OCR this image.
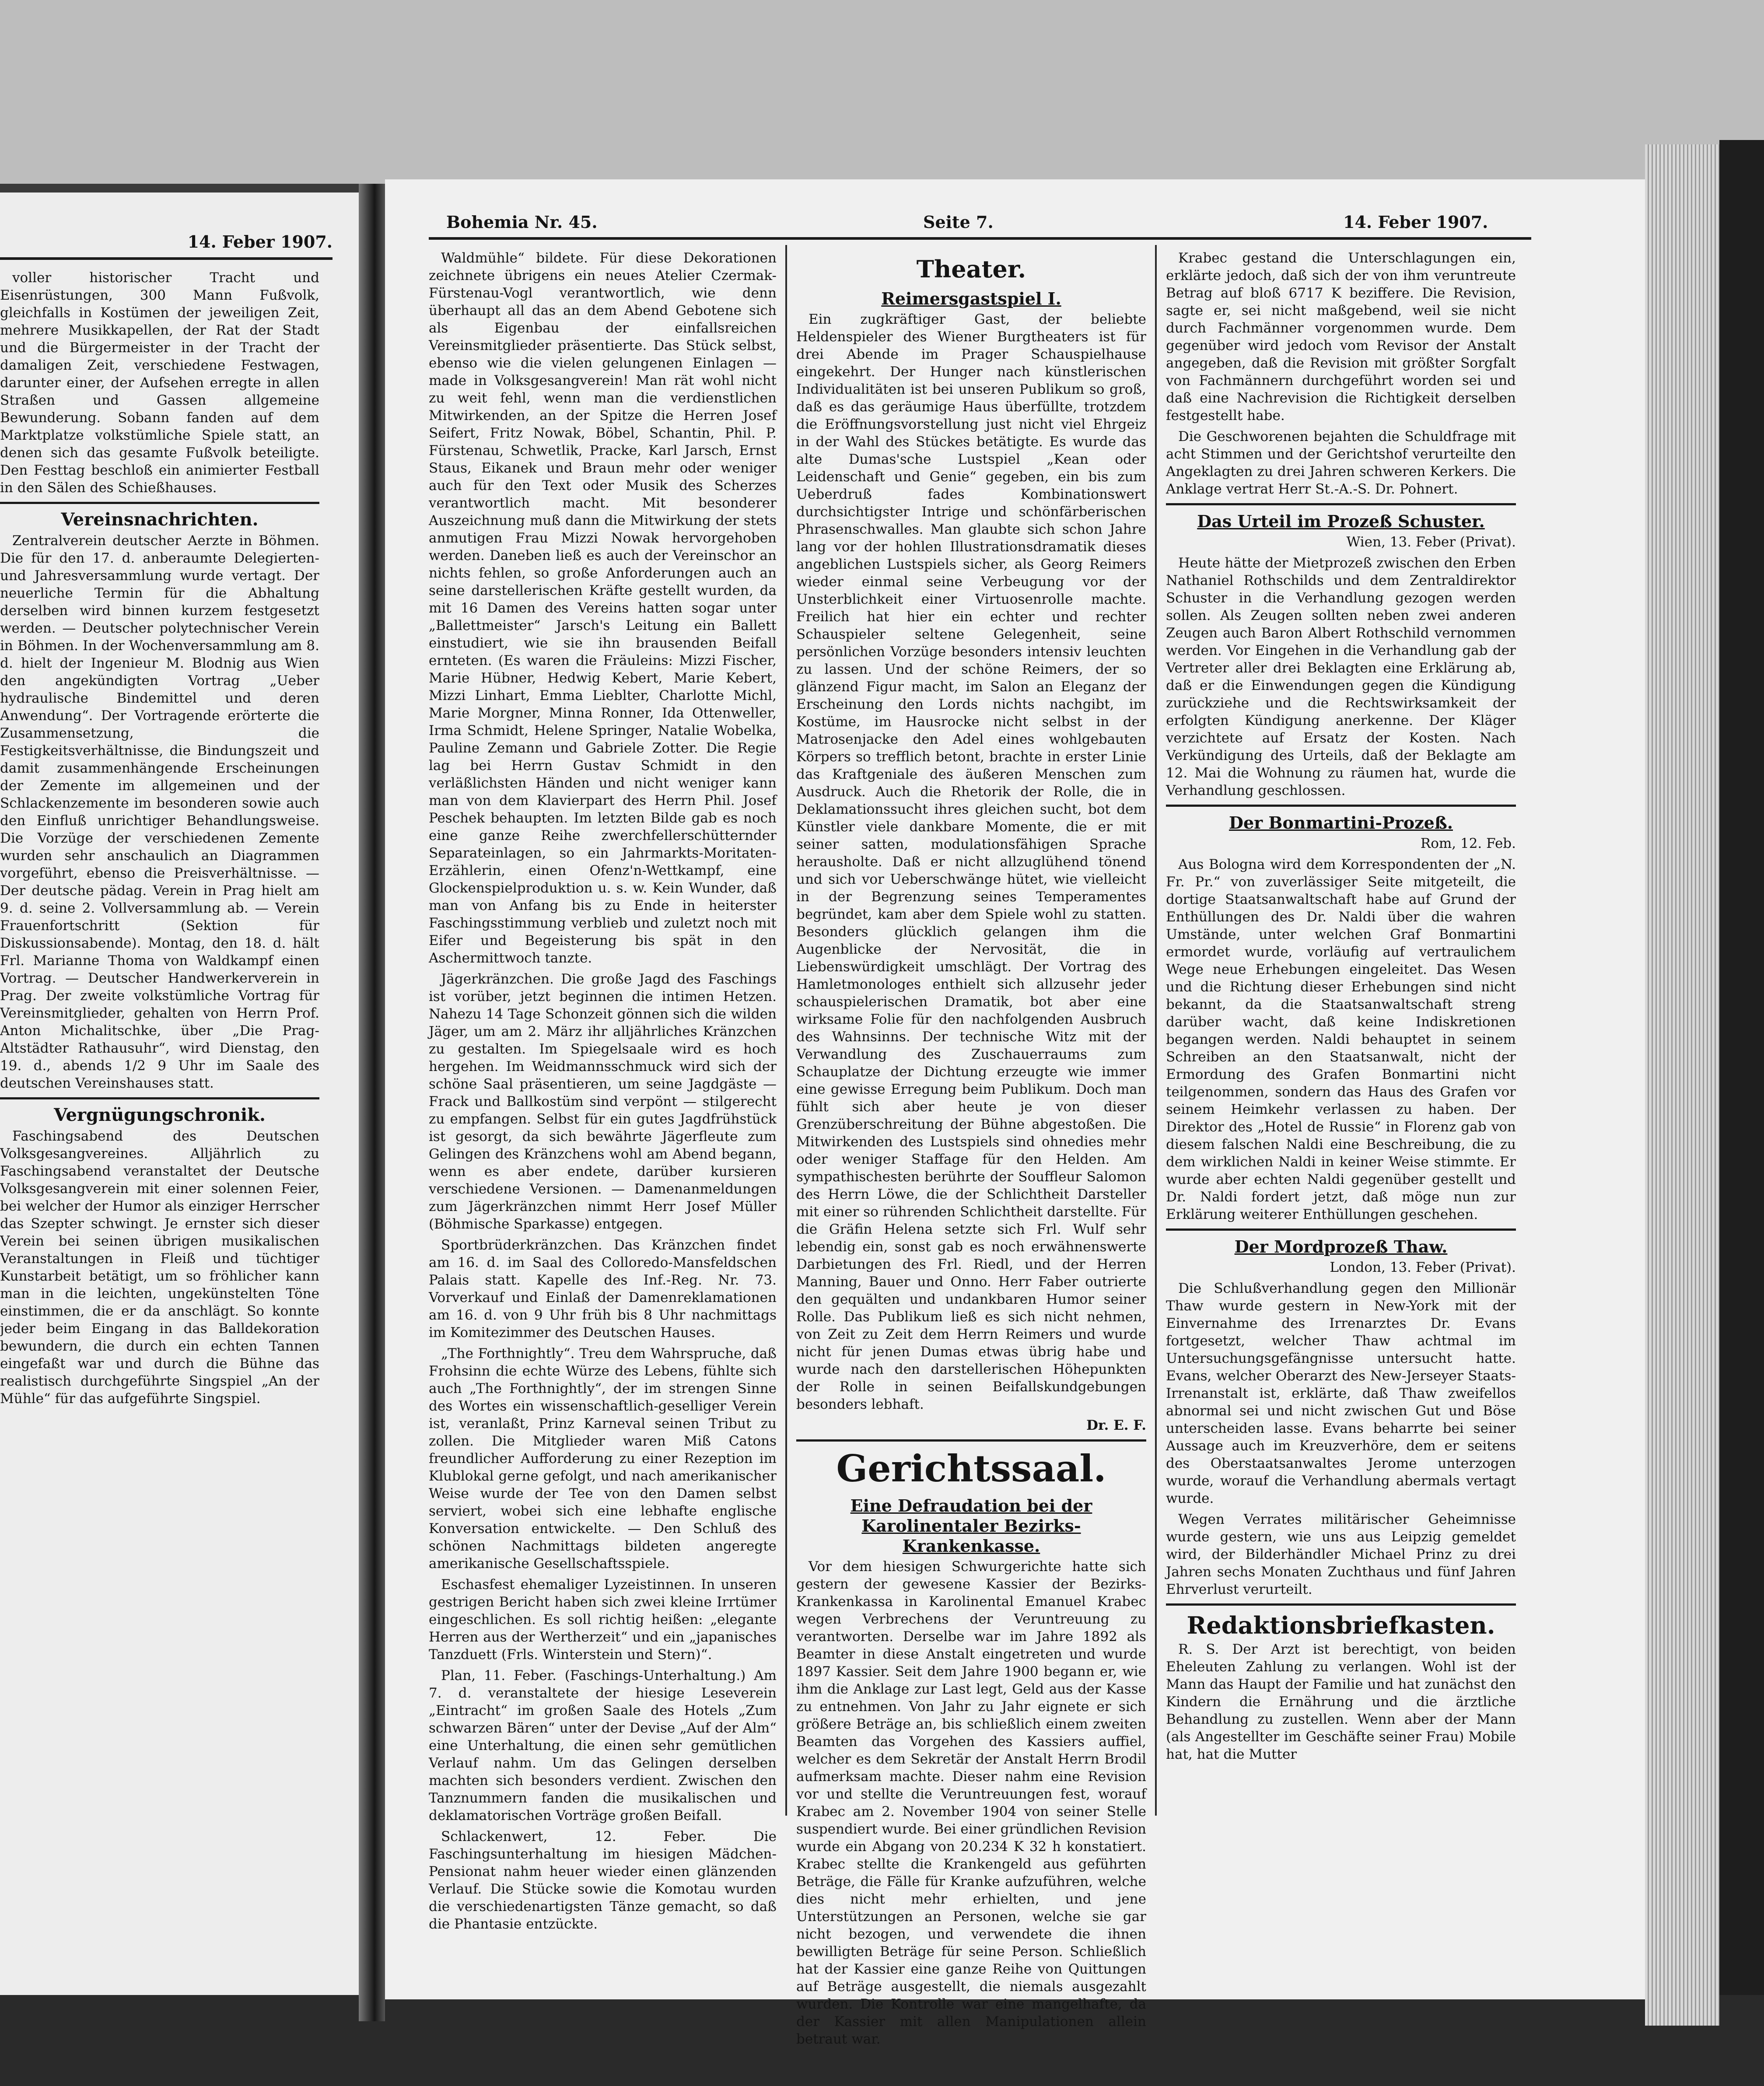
14. Feber 1907.

voller historischer Tracht und Eisenrüstungen, 300 Mann Fußvolk, gleichfalls in Kostümen der jeweiligen Zeit, mehrere Musikkapellen, der Rat der Stadt und die Bürgermeister in der Tracht der damaligen Zeit, verschiedene Festwagen, darunter einer, der Aufsehen erregte in allen Straßen und Gassen allgemeine Bewunderung. Sobann fanden auf dem Marktplatze volkstümliche Spiele statt, an denen sich das gesamte Fußvolk beteiligte. Den Festtag beschloß ein animierter Festball in den Sälen des Schießhauses.

Vereinsnachrichten.

Zentralverein deutscher Aerzte in Böhmen. Die für den 17. d. anberaumte Delegierten- und Jahresversammlung wurde vertagt. Der neuerliche Termin für die Abhaltung derselben wird binnen kurzem festgesetzt werden. — Deutscher polytechnischer Verein in Böhmen. In der Wochenversammlung am 8. d. hielt der Ingenieur M. Blodnig aus Wien den angekündigten Vortrag „Ueber hydraulische Bindemittel und deren Anwendung“. Der Vortragende erörterte die Zusammensetzung, die Festigkeitsverhältnisse, die Bindungszeit und damit zusammenhängende Erscheinungen der Zemente im allgemeinen und der Schlackenzemente im besonderen sowie auch den Einfluß unrichtiger Behandlungsweise. Die Vorzüge der verschiedenen Zemente wurden sehr anschaulich an Diagrammen vorgeführt, ebenso die Preisverhältnisse. — Der deutsche pädag. Verein in Prag hielt am 9. d. seine 2. Vollversammlung ab. — Verein Frauenfortschritt (Sektion für Diskussionsabende). Montag, den 18. d. hält Frl. Marianne Thoma von Waldkampf einen Vortrag. — Deutscher Handwerkerverein in Prag. Der zweite volkstümliche Vortrag für Vereinsmitglieder, gehalten von Herrn Prof. Anton Michalitschke, über „Die Prag-Altstädter Rathausuhr“, wird Dienstag, den 19. d., abends 1/2 9 Uhr im Saale des deutschen Vereinshauses statt.

Vergnügungschronik.

Faschingsabend des Deutschen Volksgesangvereines. Alljährlich zu Faschingsabend veranstaltet der Deutsche Volksgesangverein mit einer solennen Feier, bei welcher der Humor als einziger Herrscher das Szepter schwingt. Je ernster sich dieser Verein bei seinen übrigen musikalischen Veranstaltungen in Fleiß und tüchtiger Kunstarbeit betätigt, um so fröhlicher kann man in die leichten, ungekünstelten Töne einstimmen, die er da anschlägt. So konnte jeder beim Eingang in das Balldekoration bewundern, die durch ein echten Tannen eingefaßt war und durch die Bühne das realistisch durchgeführte Singspiel „An der Mühle“ für das aufgeführte Singspiel.

Bohemia Nr. 45.	Seite 7.	14. Feber 1907.

Waldmühle“ bildete. Für diese Dekorationen zeichnete übrigens ein neues Atelier Czermak-Fürstenau-Vogl verantwortlich, wie denn überhaupt all das an dem Abend Gebotene sich als Eigenbau der einfallsreichen Vereinsmitglieder präsentierte. Das Stück selbst, ebenso wie die vielen gelungenen Einlagen — made in Volksgesangverein! Man rät wohl nicht zu weit fehl, wenn man die verdienstlichen Mitwirkenden, an der Spitze die Herren Josef Seifert, Fritz Nowak, Böbel, Schantin, Phil. P. Fürstenau, Schwetlik, Pracke, Karl Jarsch, Ernst Staus, Eikanek und Braun mehr oder weniger auch für den Text oder Musik des Scherzes verantwortlich macht. Mit besonderer Auszeichnung muß dann die Mitwirkung der stets anmutigen Frau Mizzi Nowak hervorgehoben werden. Daneben ließ es auch der Vereinschor an nichts fehlen, so große Anforderungen auch an seine darstellerischen Kräfte gestellt wurden, da mit 16 Damen des Vereins hatten sogar unter „Ballettmeister“ Jarsch's Leitung ein Ballett einstudiert, wie sie ihn brausenden Beifall ernteten. (Es waren die Fräuleins: Mizzi Fischer, Marie Hübner, Hedwig Kebert, Marie Kebert, Mizzi Linhart, Emma Lieblter, Charlotte Michl, Marie Morgner, Minna Ronner, Ida Ottenweller, Irma Schmidt, Helene Springer, Natalie Wobelka, Pauline Zemann und Gabriele Zotter. Die Regie lag bei Herrn Gustav Schmidt in den verläßlichsten Händen und nicht weniger kann man von dem Klavierpart des Herrn Phil. Josef Peschek behaupten. Im letzten Bilde gab es noch eine ganze Reihe zwerchfellerschütternder Separateinlagen, so ein Jahrmarkts-Moritaten-Erzählerin, einen Ofenz'n-Wettkampf, eine Glockenspielproduktion u. s. w. Kein Wunder, daß man von Anfang bis zu Ende in heiterster Faschingsstimmung verblieb und zuletzt noch mit Eifer und Begeisterung bis spät in den Aschermittwoch tanzte.

Jägerkränzchen. Die große Jagd des Faschings ist vorüber, jetzt beginnen die intimen Hetzen. Nahezu 14 Tage Schonzeit gönnen sich die wilden Jäger, um am 2. März ihr alljährliches Kränzchen zu gestalten. Im Spiegelsaale wird es hoch hergehen. Im Weidmannsschmuck wird sich der schöne Saal präsentieren, um seine Jagdgäste — Frack und Ballkostüm sind verpönt — stilgerecht zu empfangen. Selbst für ein gutes Jagdfrühstück ist gesorgt, da sich bewährte Jägerfleute zum Gelingen des Kränzchens wohl am Abend begann, wenn es aber endete, darüber kursieren verschiedene Versionen. — Damenanmeldungen zum Jägerkränzchen nimmt Herr Josef Müller (Böhmische Sparkasse) entgegen.

Sportbrüderkränzchen. Das Kränzchen findet am 16. d. im Saal des Colloredo-Mansfeldschen Palais statt. Kapelle des Inf.-Reg. Nr. 73. Vorverkauf und Einlaß der Damenreklamationen am 16. d. von 9 Uhr früh bis 8 Uhr nachmittags im Komitezimmer des Deutschen Hauses.

„The Forthnightly“. Treu dem Wahrspruche, daß Frohsinn die echte Würze des Lebens, fühlte sich auch „The Forthnightly“, der im strengen Sinne des Wortes ein wissenschaftlich-geselliger Verein ist, veranlaßt, Prinz Karneval seinen Tribut zu zollen. Die Mitglieder waren Miß Catons freundlicher Aufforderung zu einer Rezeption im Klublokal gerne gefolgt, und nach amerikanischer Weise wurde der Tee von den Damen selbst serviert, wobei sich eine lebhafte englische Konversation entwickelte. — Den Schluß des schönen Nachmittags bildeten angeregte amerikanische Gesellschaftsspiele.

Eschasfest ehemaliger Lyzeistinnen. In unseren gestrigen Bericht haben sich zwei kleine Irrtümer eingeschlichen. Es soll richtig heißen: „elegante Herren aus der Wertherzeit“ und ein „japanisches Tanzduett (Frls. Winterstein und Stern)“.

Plan, 11. Feber. (Faschings-Unterhaltung.) Am 7. d. veranstaltete der hiesige Leseverein „Eintracht“ im großen Saale des Hotels „Zum schwarzen Bären“ unter der Devise „Auf der Alm“ eine Unterhaltung, die einen sehr gemütlichen Verlauf nahm. Um das Gelingen derselben machten sich besonders verdient. Zwischen den Tanznummern fanden die musikalischen und deklamatorischen Vorträge großen Beifall.

Schlackenwert, 12. Feber. Die Faschingsunterhaltung im hiesigen Mädchen-Pensionat nahm heuer wieder einen glänzenden Verlauf. Die Stücke sowie die Komotau wurden die verschiedenartigsten Tänze gemacht, so daß die Phantasie entzückte.

Theater.

Reimersgastspiel I.

Ein zugkräftiger Gast, der beliebte Heldenspieler des Wiener Burgtheaters ist für drei Abende im Prager Schauspielhause eingekehrt. Der Hunger nach künstlerischen Individualitäten ist bei unseren Publikum so groß, daß es das geräumige Haus überfüllte, trotzdem die Eröffnungsvorstellung just nicht viel Ehrgeiz in der Wahl des Stückes betätigte. Es wurde das alte Dumas'sche Lustspiel „Kean oder Leidenschaft und Genie“ gegeben, ein bis zum Ueberdruß fades Kombinationswert durchsichtigster Intrige und schönfärberischen Phrasenschwalles. Man glaubte sich schon Jahre lang vor der hohlen Illustrationsdramatik dieses angeblichen Lustspiels sicher, als Georg Reimers wieder einmal seine Verbeugung vor der Unsterblichkeit einer Virtuosenrolle machte. Freilich hat hier ein echter und rechter Schauspieler seltene Gelegenheit, seine persönlichen Vorzüge besonders intensiv leuchten zu lassen. Und der schöne Reimers, der so glänzend Figur macht, im Salon an Eleganz der Erscheinung den Lords nichts nachgibt, im Kostüme, im Hausrocke nicht selbst in der Matrosenjacke den Adel eines wohlgebauten Körpers so trefflich betont, brachte in erster Linie das Kraftgeniale des äußeren Menschen zum Ausdruck. Auch die Rhetorik der Rolle, die in Deklamationssucht ihres gleichen sucht, bot dem Künstler viele dankbare Momente, die er mit seiner satten, modulationsfähigen Sprache herausholte. Daß er nicht allzuglühend tönend und sich vor Ueberschwänge hütet, wie vielleicht in der Begrenzung seines Temperamentes begründet, kam aber dem Spiele wohl zu statten. Besonders glücklich gelangen ihm die Augenblicke der Nervosität, die in Liebenswürdigkeit umschlägt. Der Vortrag des Hamletmonologes enthielt sich allzusehr jeder schauspielerischen Dramatik, bot aber eine wirksame Folie für den nachfolgenden Ausbruch des Wahnsinns. Der technische Witz mit der Verwandlung des Zuschauerraums zum Schauplatze der Dichtung erzeugte wie immer eine gewisse Erregung beim Publikum. Doch man fühlt sich aber heute je von dieser Grenzüberschreitung der Bühne abgestoßen. Die Mitwirkenden des Lustspiels sind ohnedies mehr oder weniger Staffage für den Helden. Am sympathischesten berührte der Souffleur Salomon des Herrn Löwe, die der Schlichtheit Darsteller mit einer so rührenden Schlichtheit darstellte. Für die Gräfin Helena setzte sich Frl. Wulf sehr lebendig ein, sonst gab es noch erwähnenswerte Darbietungen des Frl. Riedl, und der Herren Manning, Bauer und Onno. Herr Faber outrierte den gequälten und undankbaren Humor seiner Rolle. Das Publikum ließ es sich nicht nehmen, von Zeit zu Zeit dem Herrn Reimers und wurde nicht für jenen Dumas etwas übrig habe und wurde nach den darstellerischen Höhepunkten der Rolle in seinen Beifallskundgebungen besonders lebhaft.

Dr. E. F.

Gerichtssaal.

Eine Defraudation bei der Karolinentaler Bezirks-Krankenkasse.

Vor dem hiesigen Schwurgerichte hatte sich gestern der gewesene Kassier der Bezirks-Krankenkassa in Karolinental Emanuel Krabec wegen Verbrechens der Veruntreuung zu verantworten. Derselbe war im Jahre 1892 als Beamter in diese Anstalt eingetreten und wurde 1897 Kassier. Seit dem Jahre 1900 begann er, wie ihm die Anklage zur Last legt, Geld aus der Kasse zu entnehmen. Von Jahr zu Jahr eignete er sich größere Beträge an, bis schließlich einem zweiten Beamten das Vorgehen des Kassiers auffiel, welcher es dem Sekretär der Anstalt Herrn Brodil aufmerksam machte. Dieser nahm eine Revision vor und stellte die Veruntreuungen fest, worauf Krabec am 2. November 1904 von seiner Stelle suspendiert wurde. Bei einer gründlichen Revision wurde ein Abgang von 20.234 K 32 h konstatiert. Krabec stellte die Krankengeld aus geführten Beträge, die Fälle für Kranke aufzuführen, welche dies nicht mehr erhielten, und jene Unterstützungen an Personen, welche sie gar nicht bezogen, und verwendete die ihnen bewilligten Beträge für seine Person. Schließlich hat der Kassier eine ganze Reihe von Quittungen auf Beträge ausgestellt, die niemals ausgezahlt wurden. Die Kontrolle war eine mangelhafte, da der Kassier mit allen Manipulationen allein betraut war.

Krabec gestand die Unterschlagungen ein, erklärte jedoch, daß sich der von ihm veruntreute Betrag auf bloß 6717 K beziffere. Die Revision, sagte er, sei nicht maßgebend, weil sie nicht durch Fachmänner vorgenommen wurde. Dem gegenüber wird jedoch vom Revisor der Anstalt angegeben, daß die Revision mit größter Sorgfalt von Fachmännern durchgeführt worden sei und daß eine Nachrevision die Richtigkeit derselben festgestellt habe.

Die Geschworenen bejahten die Schuldfrage mit acht Stimmen und der Gerichtshof verurteilte den Angeklagten zu drei Jahren schweren Kerkers. Die Anklage vertrat Herr St.-A.-S. Dr. Pohnert.

Das Urteil im Prozeß Schuster.

Wien, 13. Feber (Privat).

Heute hätte der Mietprozeß zwischen den Erben Nathaniel Rothschilds und dem Zentraldirektor Schuster in die Verhandlung gezogen werden sollen. Als Zeugen sollten neben zwei anderen Zeugen auch Baron Albert Rothschild vernommen werden. Vor Eingehen in die Verhandlung gab der Vertreter aller drei Beklagten eine Erklärung ab, daß er die Einwendungen gegen die Kündigung zurückziehe und die Rechtswirksamkeit der erfolgten Kündigung anerkenne. Der Kläger verzichtete auf Ersatz der Kosten. Nach Verkündigung des Urteils, daß der Beklagte am 12. Mai die Wohnung zu räumen hat, wurde die Verhandlung geschlossen.

Der Bonmartini-Prozeß.

Rom, 12. Feb.

Aus Bologna wird dem Korrespondenten der „N. Fr. Pr.“ von zuverlässiger Seite mitgeteilt, die dortige Staatsanwaltschaft habe auf Grund der Enthüllungen des Dr. Naldi über die wahren Umstände, unter welchen Graf Bonmartini ermordet wurde, vorläufig auf vertraulichem Wege neue Erhebungen eingeleitet. Das Wesen und die Richtung dieser Erhebungen sind nicht bekannt, da die Staatsanwaltschaft streng darüber wacht, daß keine Indiskretionen begangen werden. Naldi behauptet in seinem Schreiben an den Staatsanwalt, nicht der Ermordung des Grafen Bonmartini nicht teilgenommen, sondern das Haus des Grafen vor seinem Heimkehr verlassen zu haben. Der Direktor des „Hotel de Russie“ in Florenz gab von diesem falschen Naldi eine Beschreibung, die zu dem wirklichen Naldi in keiner Weise stimmte. Er wurde aber echten Naldi gegenüber gestellt und Dr. Naldi fordert jetzt, daß möge nun zur Erklärung weiterer Enthüllungen geschehen.

Der Mordprozeß Thaw.

London, 13. Feber (Privat).

Die Schlußverhandlung gegen den Millionär Thaw wurde gestern in New-York mit der Einvernahme des Irrenarztes Dr. Evans fortgesetzt, welcher Thaw achtmal im Untersuchungsgefängnisse untersucht hatte. Evans, welcher Oberarzt des New-Jerseyer Staats-Irrenanstalt ist, erklärte, daß Thaw zweifellos abnormal sei und nicht zwischen Gut und Böse unterscheiden lasse. Evans beharrte bei seiner Aussage auch im Kreuzverhöre, dem er seitens des Oberstaatsanwaltes Jerome unterzogen wurde, worauf die Verhandlung abermals vertagt wurde.

Wegen Verrates militärischer Geheimnisse wurde gestern, wie uns aus Leipzig gemeldet wird, der Bilderhändler Michael Prinz zu drei Jahren sechs Monaten Zuchthaus und fünf Jahren Ehrverlust verurteilt.

Redaktionsbriefkasten.

R. S. Der Arzt ist berechtigt, von beiden Eheleuten Zahlung zu verlangen. Wohl ist der Mann das Haupt der Familie und hat zunächst den Kindern die Ernährung und die ärztliche Behandlung zu zustellen. Wenn aber der Mann (als Angestellter im Geschäfte seiner Frau) Mobile hat, hat die Mutter
